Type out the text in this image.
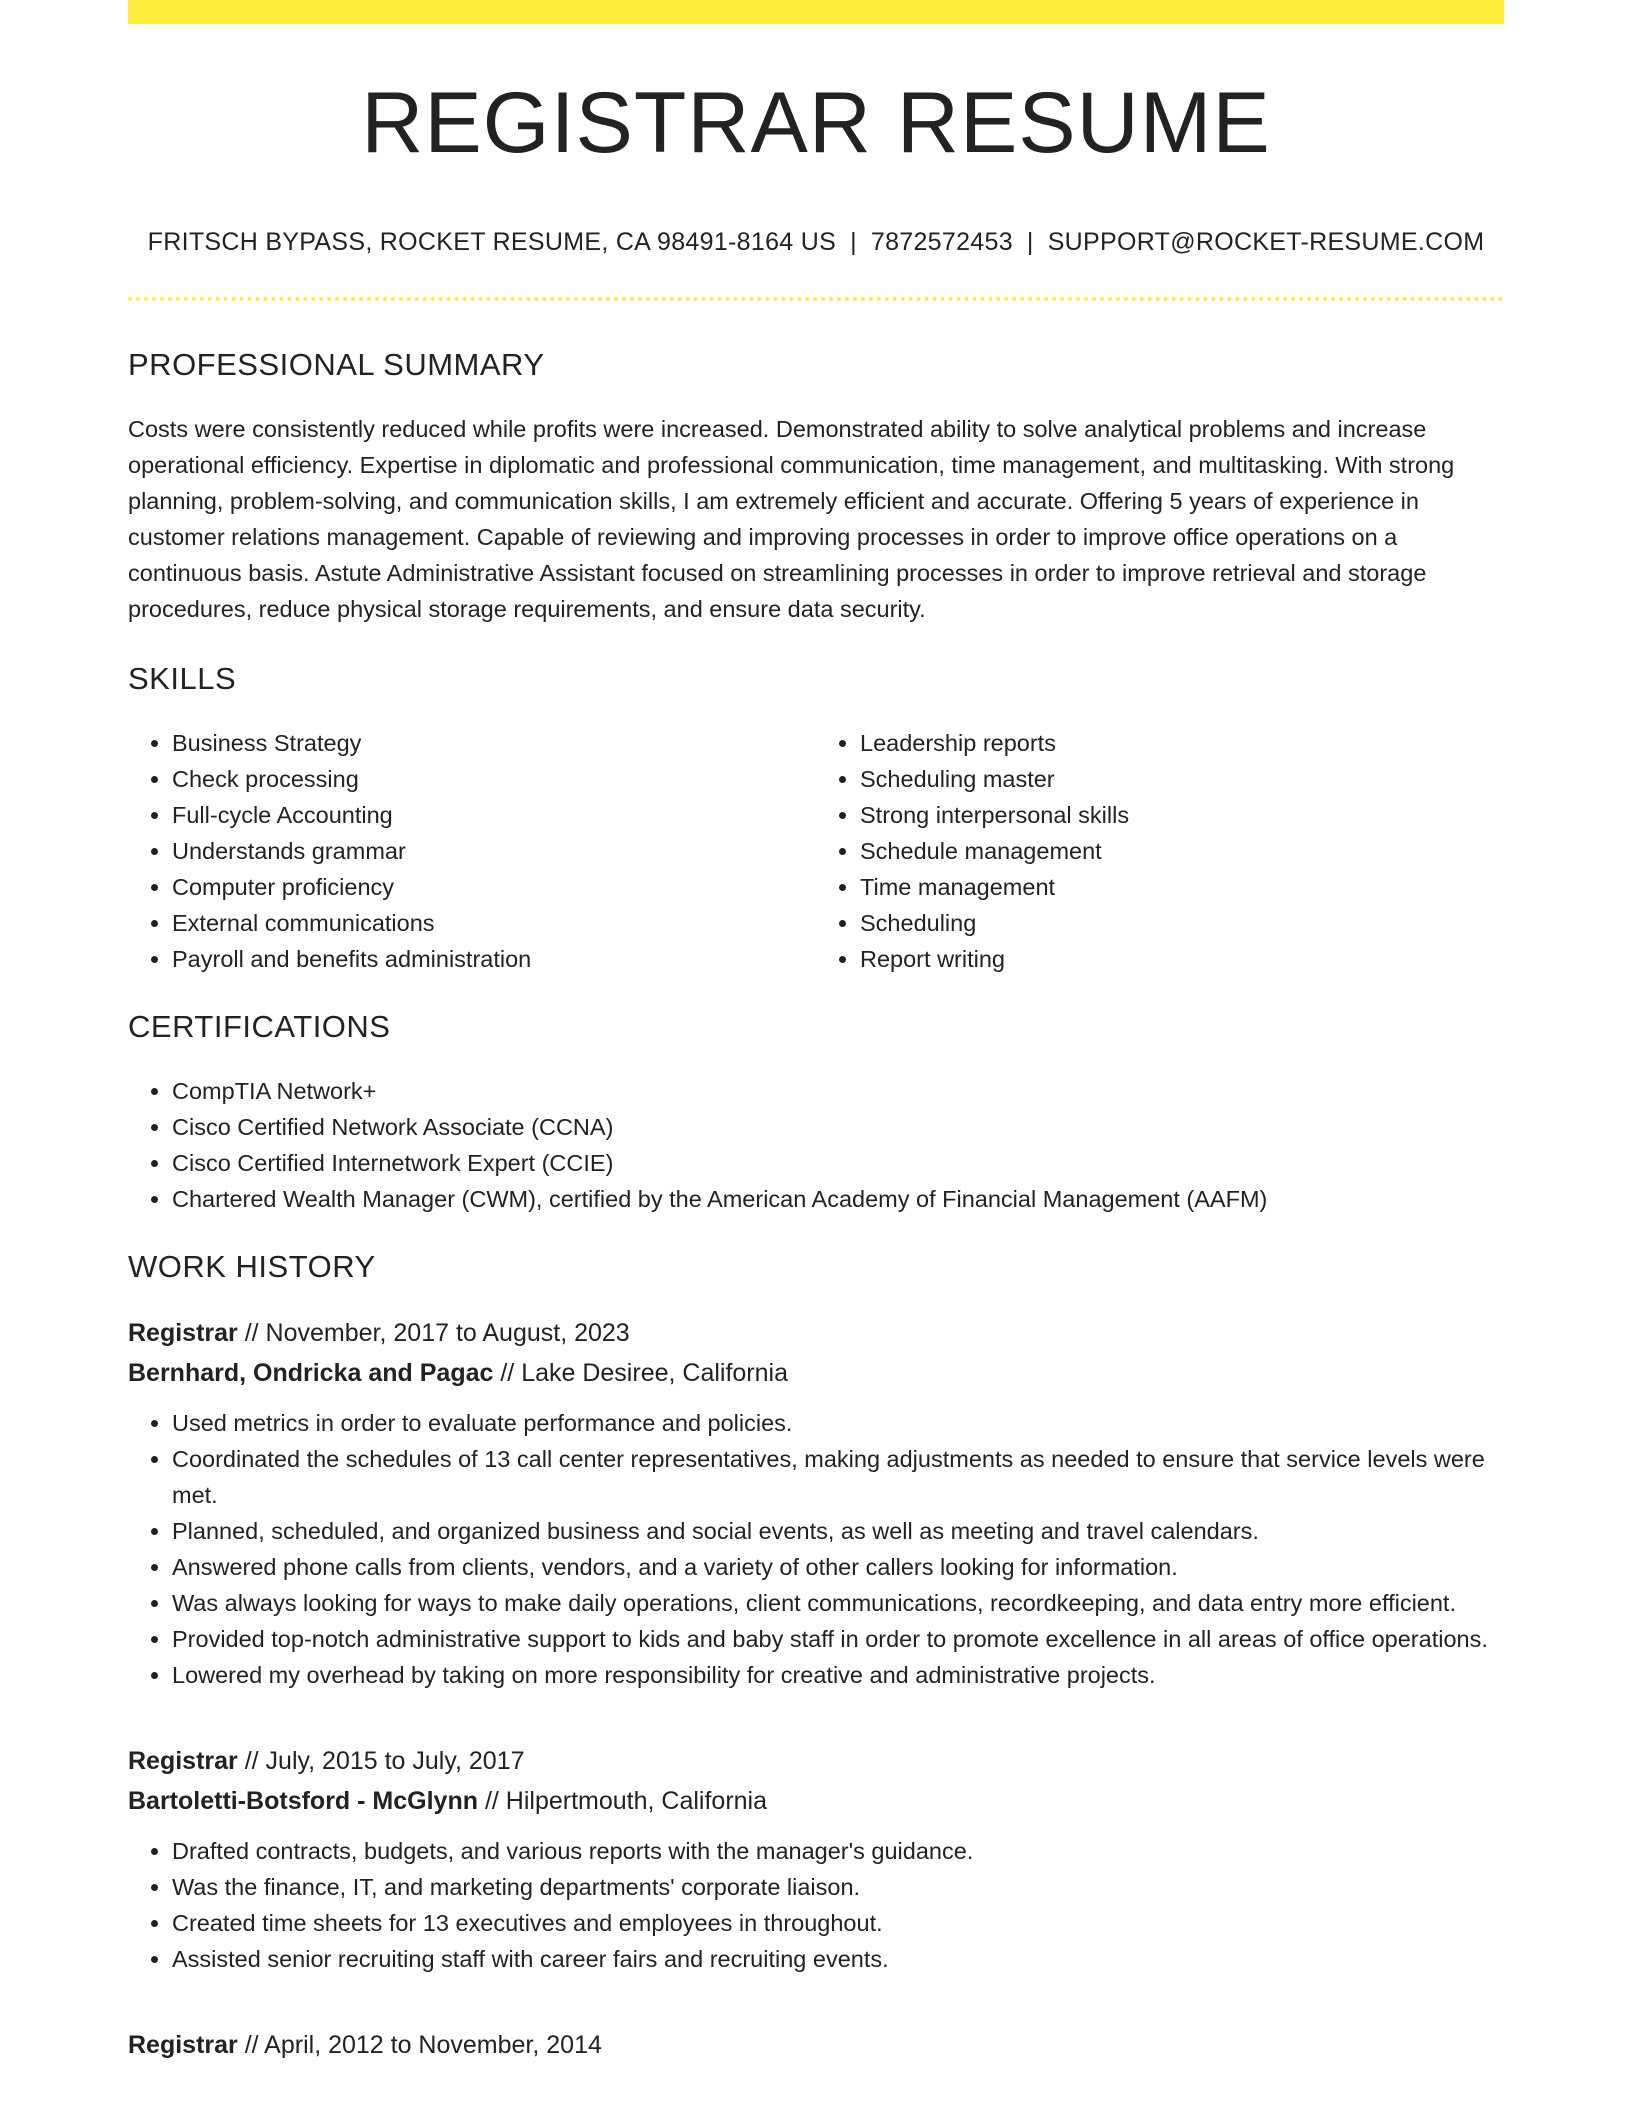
REGISTRAR RESUME
FRITSCH BYPASS, ROCKET RESUME, CA 98491-8164 US | 7872572453 | SUPPORT@ROCKET-RESUME.COM
PROFESSIONAL SUMMARY

Costs were consistently reduced while profits were increased. Demonstrated ability to solve analytical problems and increase operational efficiency. Expertise in diplomatic and professional communication, time management, and multitasking. With strong planning, problem-solving, and communication skills, I am extremely efficient and accurate. Offering 5 years of experience in customer relations management. Capable of reviewing and improving processes in order to improve office operations on a continuous basis. Astute Administrative Assistant focused on streamlining processes in order to improve retrieval and storage procedures, reduce physical storage requirements, and ensure data security.

SKILLS
• Business Strategy
• Check processing
• Full-cycle Accounting
• Understands grammar
• Computer proficiency
• External communications
• Payroll and benefits administration
• Leadership reports
• Scheduling master
• Strong interpersonal skills
• Schedule management
• Time management
• Scheduling
• Report writing
CERTIFICATIONS
• CompTIA Network+
• Cisco Certified Network Associate (CCNA)
• Cisco Certified Internetwork Expert (CCIE)
• Chartered Wealth Manager (CWM), certified by the American Academy of Financial Management (AAFM)
WORK HISTORY
Registrar // November, 2017 to August, 2023
Bernhard, Ondricka and Pagac // Lake Desiree, California
• Used metrics in order to evaluate performance and policies.
• Coordinated the schedules of 13 call center representatives, making adjustments as needed to ensure that service levels were met.
• Planned, scheduled, and organized business and social events, as well as meeting and travel calendars.
• Answered phone calls from clients, vendors, and a variety of other callers looking for information.
• Was always looking for ways to make daily operations, client communications, recordkeeping, and data entry more efficient.
• Provided top-notch administrative support to kids and baby staff in order to promote excellence in all areas of office operations.
• Lowered my overhead by taking on more responsibility for creative and administrative projects.
Registrar // July, 2015 to July, 2017
Bartoletti-Botsford - McGlynn // Hilpertmouth, California
• Drafted contracts, budgets, and various reports with the manager's guidance.
• Was the finance, IT, and marketing departments' corporate liaison.
• Created time sheets for 13 executives and employees in throughout.
• Assisted senior recruiting staff with career fairs and recruiting events.
Registrar // April, 2012 to November, 2014
